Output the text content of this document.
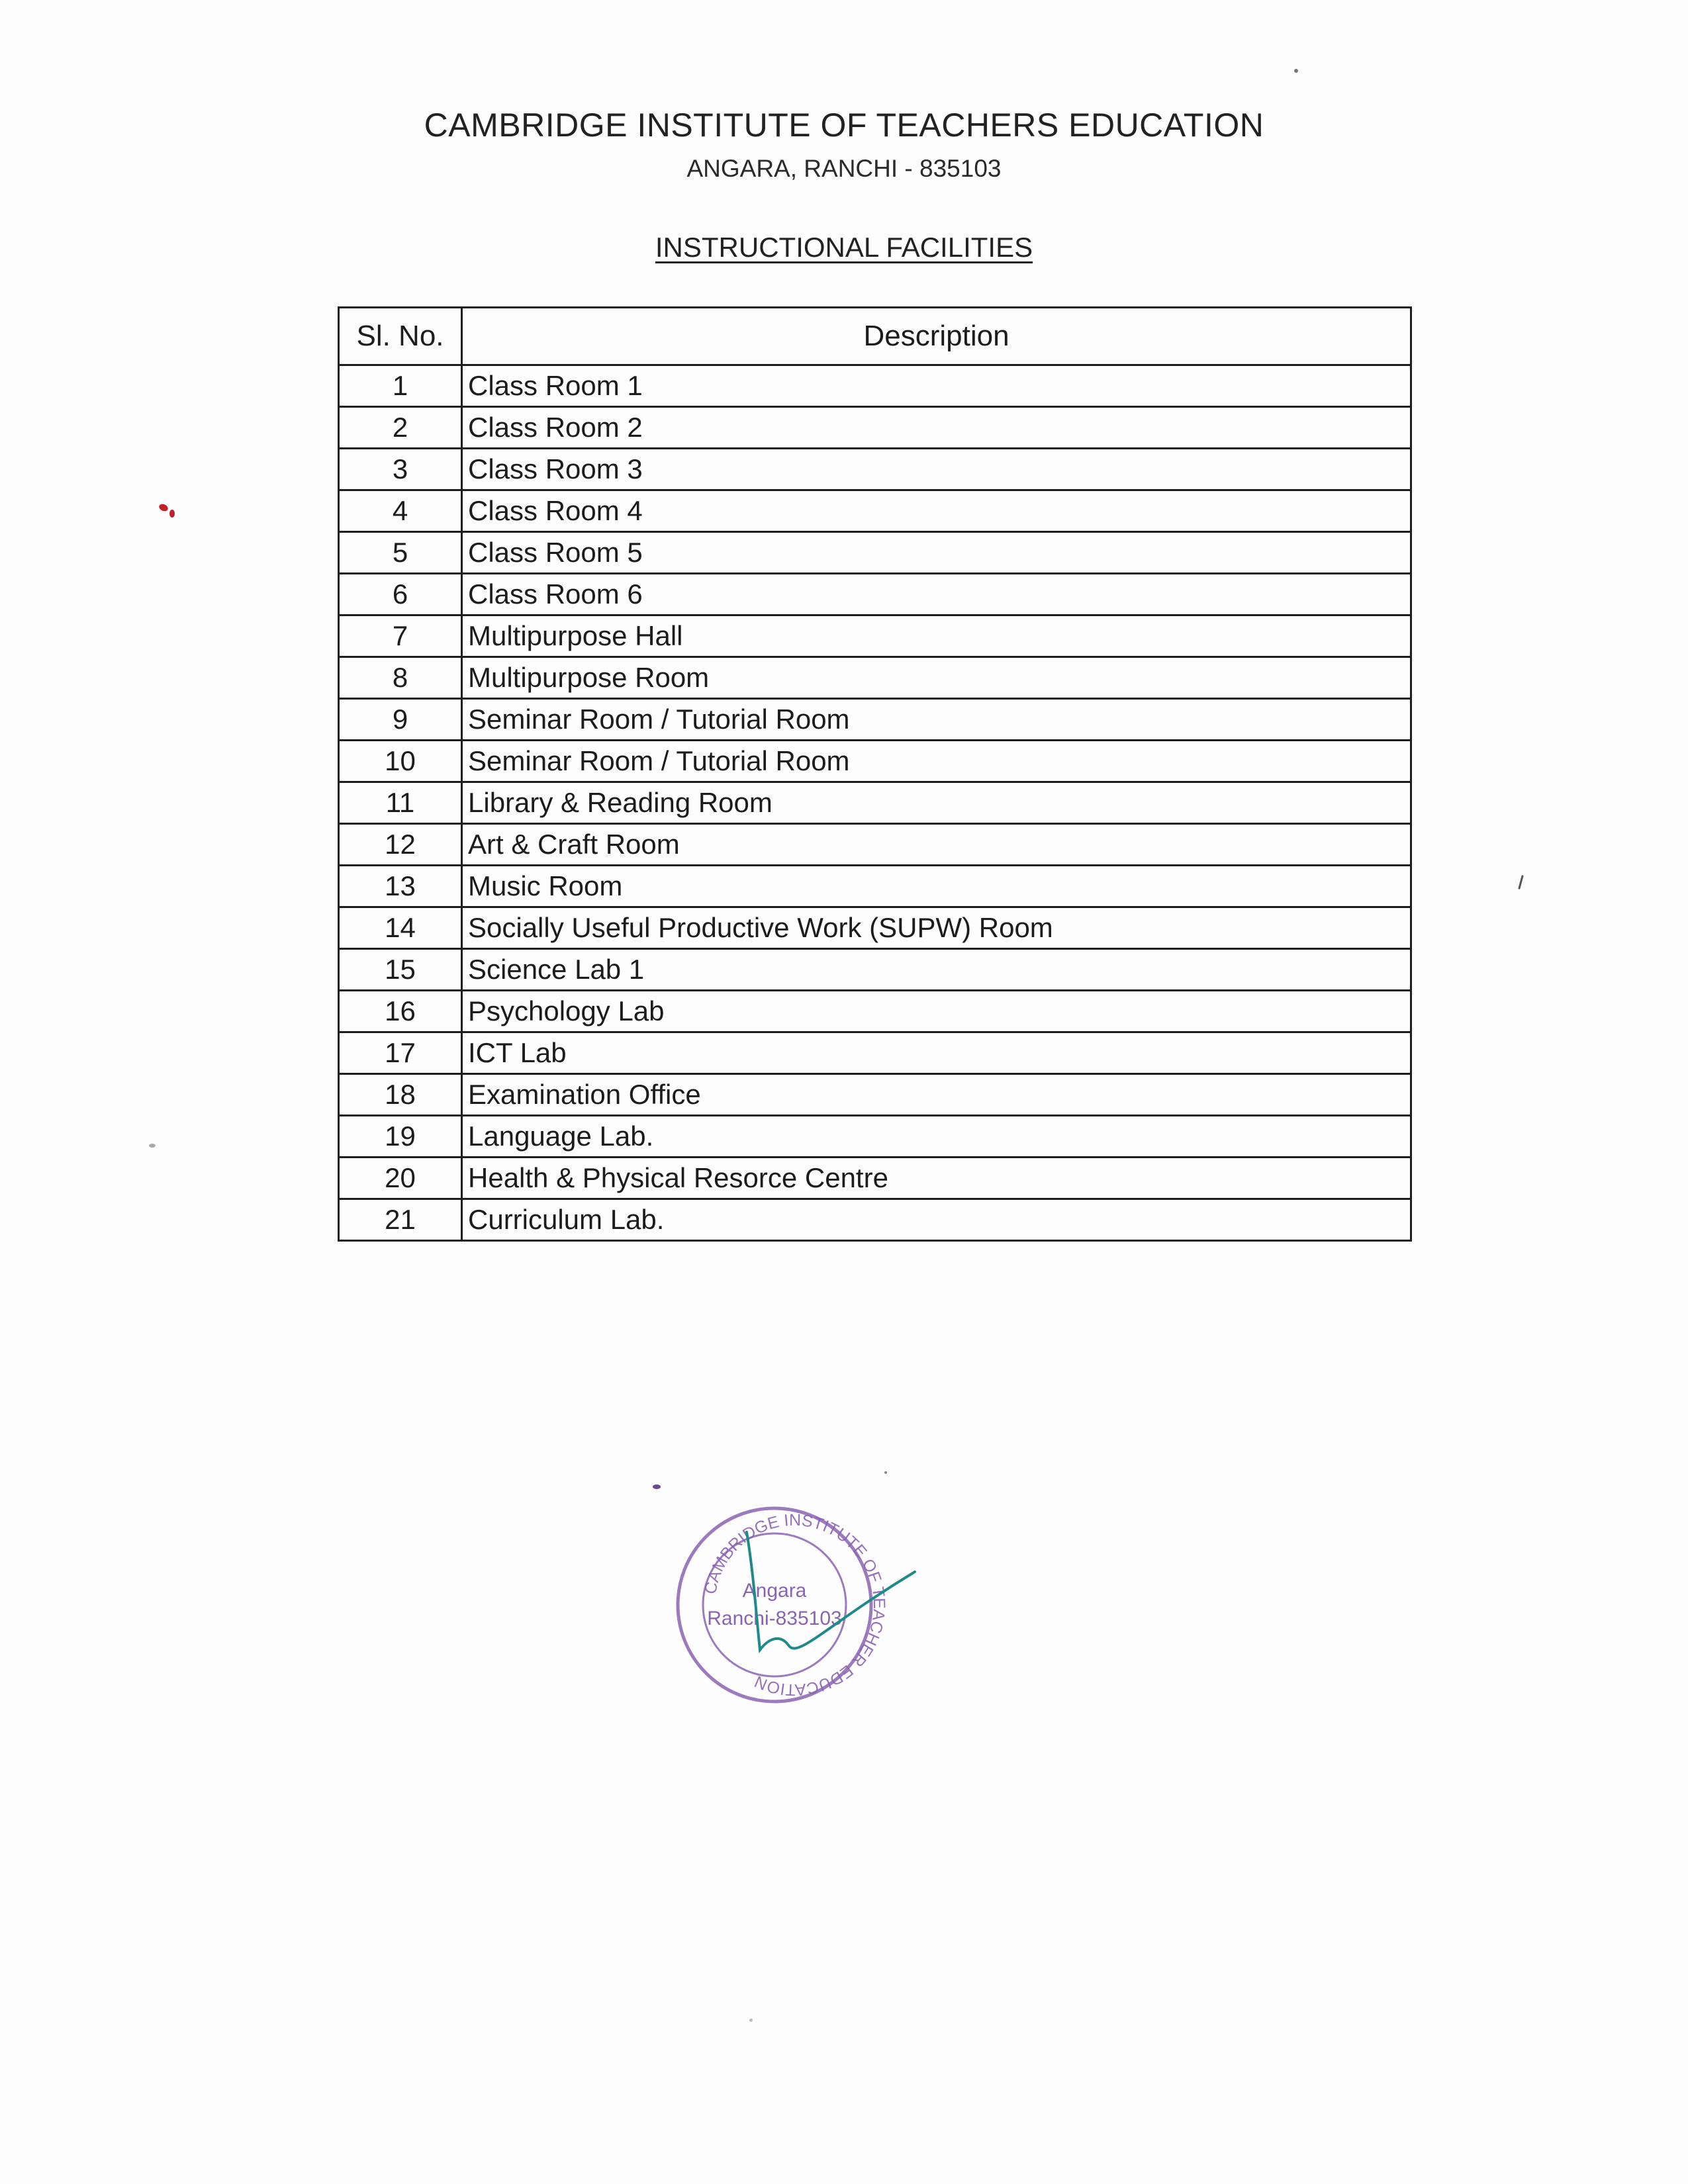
CAMBRIDGE INSTITUTE OF TEACHERS EDUCATION
ANGARA, RANCHI - 835103
INSTRUCTIONAL FACILITIES
Sl. No.	Description
1	Class Room 1
2	Class Room 2
3	Class Room 3
4	Class Room 4
5	Class Room 5
6	Class Room 6
7	Multipurpose Hall
8	Multipurpose Room
9	Seminar Room / Tutorial Room
10	Seminar Room / Tutorial Room
11	Library & Reading Room
12	Art & Craft Room
13	Music Room
14	Socially Useful Productive Work (SUPW) Room
15	Science Lab 1
16	Psychology Lab
17	ICT Lab
18	Examination Office
19	Language Lab.
20	Health & Physical Resorce Centre
21	Curriculum Lab.
CAMBRIDGE INSTITUTE OF TEACHER EDUCATION
Angara
Ranchi-835103
